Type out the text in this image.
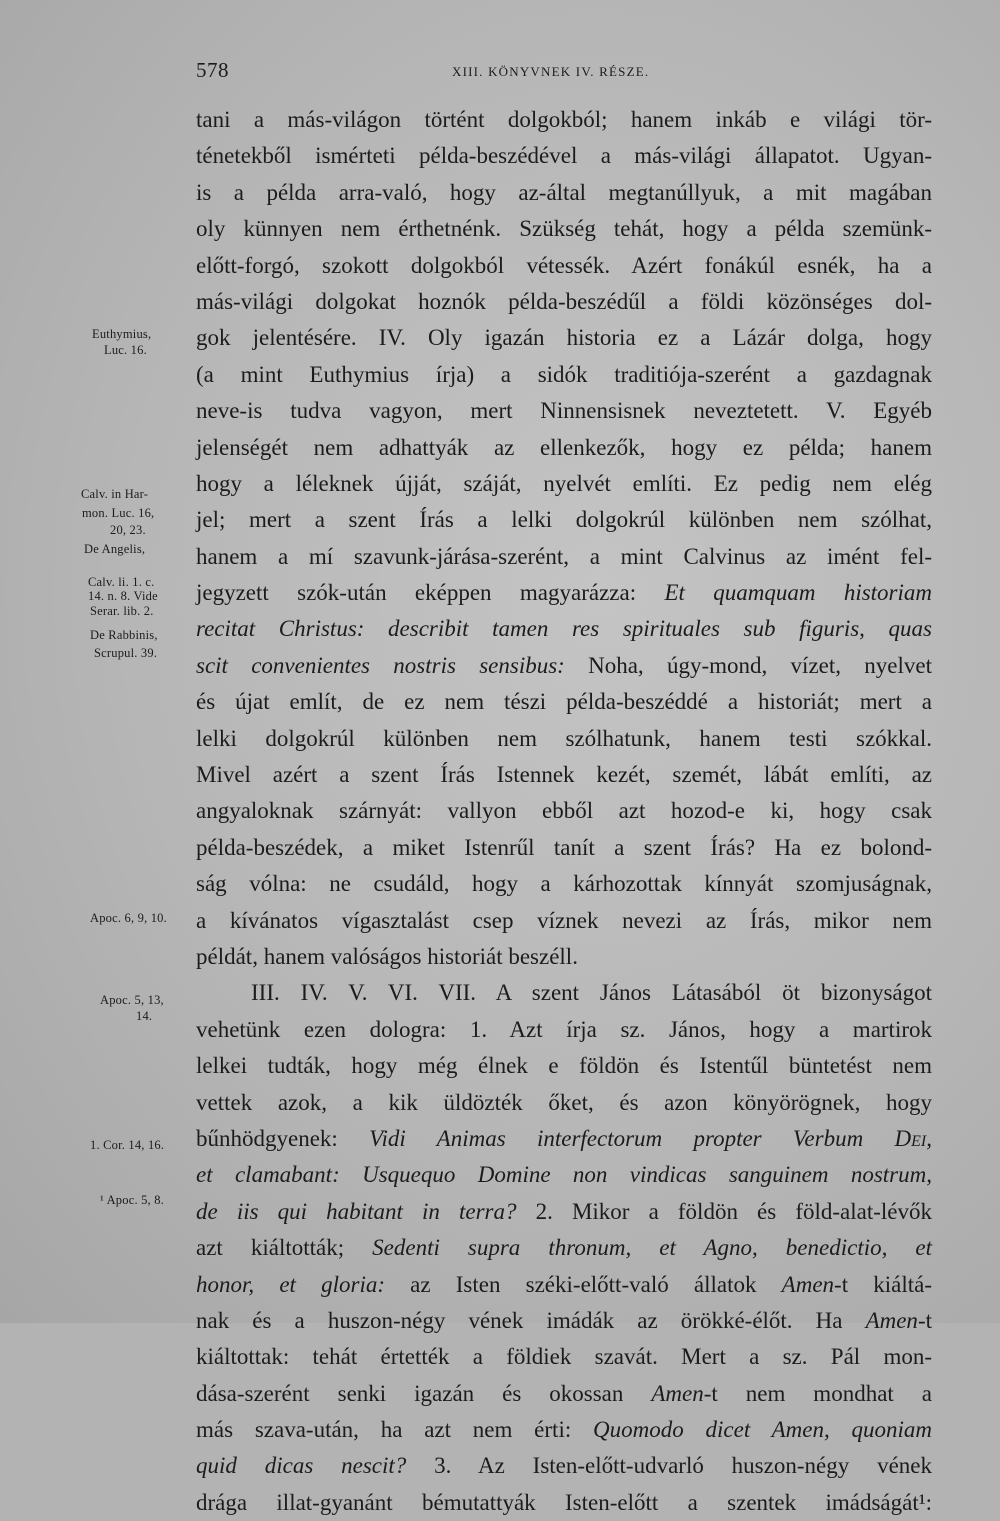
578	XIII. KÖNYVNEK IV. RÉSZE.
Euthymius,
Luc. 16.
Calv. in Har-
mon. Luc. 16,
20, 23.
De Angelis,
Calv. li. 1. c.
14. n. 8. Vide
Serar. lib. 2.
De Rabbinis,
Scrupul. 39.
Apoc. 6, 9, 10.
Apoc. 5, 13,
14.
1. Cor. 14, 16.
¹ Apoc. 5, 8.
tani a más-világon történt dolgokból; hanem inkáb e világi tör-
ténetekből ismérteti példa-beszédével a más-világi állapatot. Ugyan-
is a példa arra-való, hogy az-által megtanúllyuk, a mit magában
oly künnyen nem érthetnénk. Szükség tehát, hogy a példa szemünk-
előtt-forgó, szokott dolgokból vétessék. Azért fonákúl esnék, ha a
más-világi dolgokat hoznók példa-beszédűl a földi közönséges dol-
gok jelentésére. IV. Oly igazán historia ez a Lázár dolga, hogy
(a mint Euthymius írja) a sidók traditiója-szerént a gazdagnak
neve-is tudva vagyon, mert Ninnensisnek neveztetett. V. Egyéb
jelenségét nem adhattyák az ellenkezők, hogy ez példa; hanem
hogy a léleknek újját, száját, nyelvét említi. Ez pedig nem elég
jel; mert a szent Írás a lelki dolgokrúl különben nem szólhat,
hanem a mí szavunk-járása-szerént, a mint Calvinus az imént fel-
jegyzett szók-után eképpen magyarázza: Et quamquam historiam
recitat Christus: describit tamen res spirituales sub figuris, quas
scit convenientes nostris sensibus: Noha, úgy-mond, vízet, nyelvet
és újat említ, de ez nem tészi példa-beszéddé a historiát; mert a
lelki dolgokrúl különben nem szólhatunk, hanem testi szókkal.
Mivel azért a szent Írás Istennek kezét, szemét, lábát említi, az
angyaloknak szárnyát: vallyon ebből azt hozod-e ki, hogy csak
példa-beszédek, a miket Istenrűl tanít a szent Írás? Ha ez bolond-
ság vólna: ne csudáld, hogy a kárhozottak kínnyát szomjuságnak,
a kívánatos vígasztalást csep víznek nevezi az Írás, mikor nem
példát, hanem valóságos historiát beszéll.
III. IV. V. VI. VII. A szent János Látasából öt bizonyságot
vehetünk ezen dologra: 1. Azt írja sz. János, hogy a martirok
lelkei tudták, hogy még élnek e földön és Istentűl büntetést nem
vettek azok, a kik üldözték őket, és azon könyörögnek, hogy
bűnhödgyenek: Vidi Animas interfectorum propter Verbum Dei,
et clamabant: Usquequo Domine non vindicas sanguinem nostrum,
de iis qui habitant in terra? 2. Mikor a földön és föld-alat-lévők
azt kiáltották; Sedenti supra thronum, et Agno, benedictio, et
honor, et gloria: az Isten széki-előtt-való állatok Amen-t kiáltá-
nak és a huszon-négy vének imádák az örökké-élőt. Ha Amen-t
kiáltottak: tehát értették a földiek szavát. Mert a sz. Pál mon-
dása-szerént senki igazán és okossan Amen-t nem mondhat a
más szava-után, ha azt nem érti: Quomodo dicet Amen, quoniam
quid dicas nescit? 3. Az Isten-előtt-udvarló huszon-négy vének
drága illat-gyanánt bémutattyák Isten-előtt a szentek imádságát¹:
